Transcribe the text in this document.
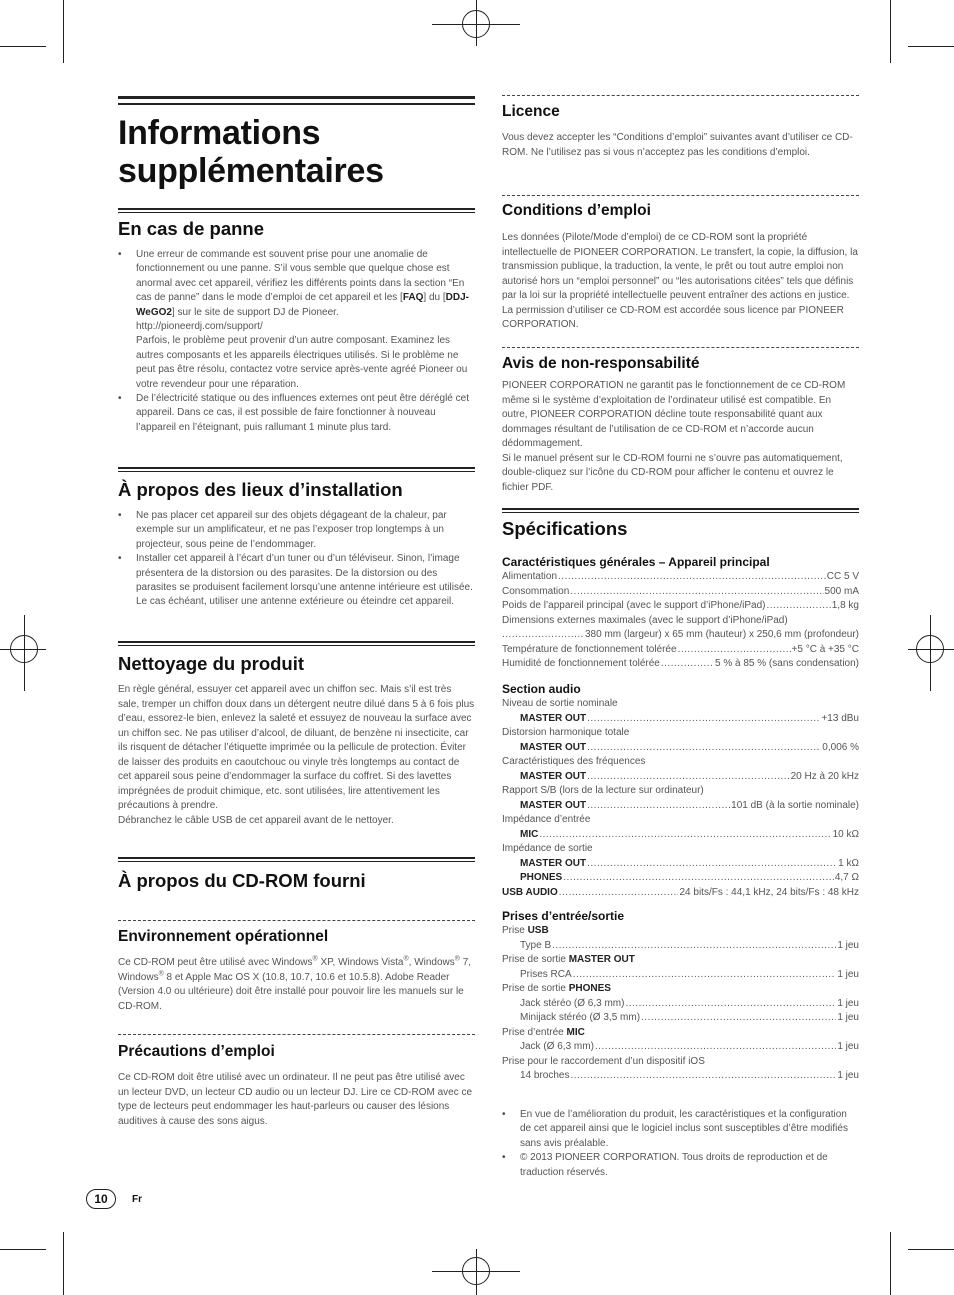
Informations supplémentaires
En cas de panne
• Une erreur de commande est souvent prise pour une anomalie de fonctionnement ou une panne. S’il vous semble que quelque chose est anormal avec cet appareil, vérifiez les différents points dans la section “En cas de panne” dans le mode d’emploi de cet appareil et les [FAQ] du [DDJ-WeGO2] sur le site de support DJ de Pioneer.
http://pioneerdj.com/support/
Parfois, le problème peut provenir d’un autre composant. Examinez les autres composants et les appareils électriques utilisés. Si le problème ne peut pas être résolu, contactez votre service après-vente agréé Pioneer ou votre revendeur pour une réparation.
• De l’électricité statique ou des influences externes ont peut être déréglé cet appareil. Dans ce cas, il est possible de faire fonctionner à nouveau l’appareil en l’éteignant, puis rallumant 1 minute plus tard.
À propos des lieux d’installation
• Ne pas placer cet appareil sur des objets dégageant de la chaleur, par exemple sur un amplificateur, et ne pas l’exposer trop longtemps à un projecteur, sous peine de l’endommager.
• Installer cet appareil à l’écart d’un tuner ou d’un téléviseur. Sinon, l’image présentera de la distorsion ou des parasites. De la distorsion ou des parasites se produisent facilement lorsqu’une antenne intérieure est utilisée. Le cas échéant, utiliser une antenne extérieure ou éteindre cet appareil.
Nettoyage du produit
En règle général, essuyer cet appareil avec un chiffon sec. Mais s’il est très sale, tremper un chiffon doux dans un détergent neutre dilué dans 5 à 6 fois plus d’eau, essorez-le bien, enlevez la saleté et essuyez de nouveau la surface avec un chiffon sec. Ne pas utiliser d’alcool, de diluant, de benzène ni insecticite, car ils risquent de détacher l’étiquette imprimée ou la pellicule de protection. Éviter de laisser des produits en caoutchouc ou vinyle très longtemps au contact de cet appareil sous peine d’endommager la surface du coffret. Si des lavettes imprégnées de produit chimique, etc. sont utilisées, lire attentivement les précautions à prendre.
Débranchez le câble USB de cet appareil avant de le nettoyer.
À propos du CD-ROM fourni
Environnement opérationnel
Ce CD-ROM peut être utilisé avec Windows® XP, Windows Vista®, Windows® 7, Windows® 8 et Apple Mac OS X (10.8, 10.7, 10.6 et 10.5.8). Adobe Reader (Version 4.0 ou ultérieure) doit être installé pour pouvoir lire les manuels sur le CD-ROM.
Précautions d’emploi
Ce CD-ROM doit être utilisé avec un ordinateur. Il ne peut pas être utilisé avec un lecteur DVD, un lecteur CD audio ou un lecteur DJ. Lire ce CD-ROM avec ce type de lecteurs peut endommager les haut-parleurs ou causer des lésions auditives à cause des sons aigus.
Licence
Vous devez accepter les “Conditions d’emploi” suivantes avant d’utiliser ce CD-ROM. Ne l’utilisez pas si vous n’acceptez pas les conditions d’emploi.
Conditions d’emploi
Les données (Pilote/Mode d’emploi) de ce CD-ROM sont la propriété intellectuelle de PIONEER CORPORATION. Le transfert, la copie, la diffusion, la transmission publique, la traduction, la vente, le prêt ou tout autre emploi non autorisé hors un “emploi personnel” ou “les autorisations citées” tels que définis par la loi sur la propriété intellectuelle peuvent entraîner des actions en justice. La permission d’utiliser ce CD-ROM est accordée sous licence par PIONEER CORPORATION.
Avis de non-responsabilité
PIONEER CORPORATION ne garantit pas le fonctionnement de ce CD-ROM même si le système d’exploitation de l’ordinateur utilisé est compatible. En outre, PIONEER CORPORATION décline toute responsabilité quant aux dommages résultant de l’utilisation de ce CD-ROM et n’accorde aucun dédommagement.
Si le manuel présent sur le CD-ROM fourni ne s’ouvre pas automatiquement, double-cliquez sur l’icône du CD-ROM pour afficher le contenu et ouvrez le fichier PDF.
Spécifications
Caractéristiques générales – Appareil principal
Alimentation .....	CC 5 V
Consommation .....	500 mA
Poids de l’appareil principal (avec le support d’iPhone/iPad) .....	1,8 kg
Dimensions externes maximales (avec le support d’iPhone/iPad)
.....
380 mm (largeur) x 65 mm (hauteur) x 250,6 mm (profondeur)
Température de fonctionnement tolérée .....	+5 °C à +35 °C
Humidité de fonctionnement tolérée .....	5 % à 85 % (sans condensation)
Section audio
Niveau de sortie nominale
MASTER OUT .....	+13 dBu
Distorsion harmonique totale
MASTER OUT .....	0,006 %
Caractéristiques des fréquences
MASTER OUT .....	20 Hz à 20 kHz
Rapport S/B (lors de la lecture sur ordinateur)
MASTER OUT .....	101 dB (à la sortie nominale)
Impédance d’entrée
MIC .....	10 kΩ
Impédance de sortie
MASTER OUT .....	1 kΩ
PHONES .....	4,7 Ω
USB AUDIO .....	24 bits/Fs : 44,1 kHz, 24 bits/Fs : 48 kHz
Prises d’entrée/sortie
Prise USB
Type B .....	1 jeu
Prise de sortie MASTER OUT
Prises RCA .....	1 jeu
Prise de sortie PHONES
Jack stéréo (Ø 6,3 mm) .....	1 jeu
Minijack stéréo (Ø 3,5 mm) .....	1 jeu
Prise d’entrée MIC
Jack (Ø 6,3 mm) .....	1 jeu
Prise pour le raccordement d’un dispositif iOS
14 broches .....	1 jeu
• En vue de l’amélioration du produit, les caractéristiques et la configuration de cet appareil ainsi que le logiciel inclus sont susceptibles d’être modifiés sans avis préalable.
• © 2013 PIONEER CORPORATION. Tous droits de reproduction et de traduction réservés.
10	Fr
